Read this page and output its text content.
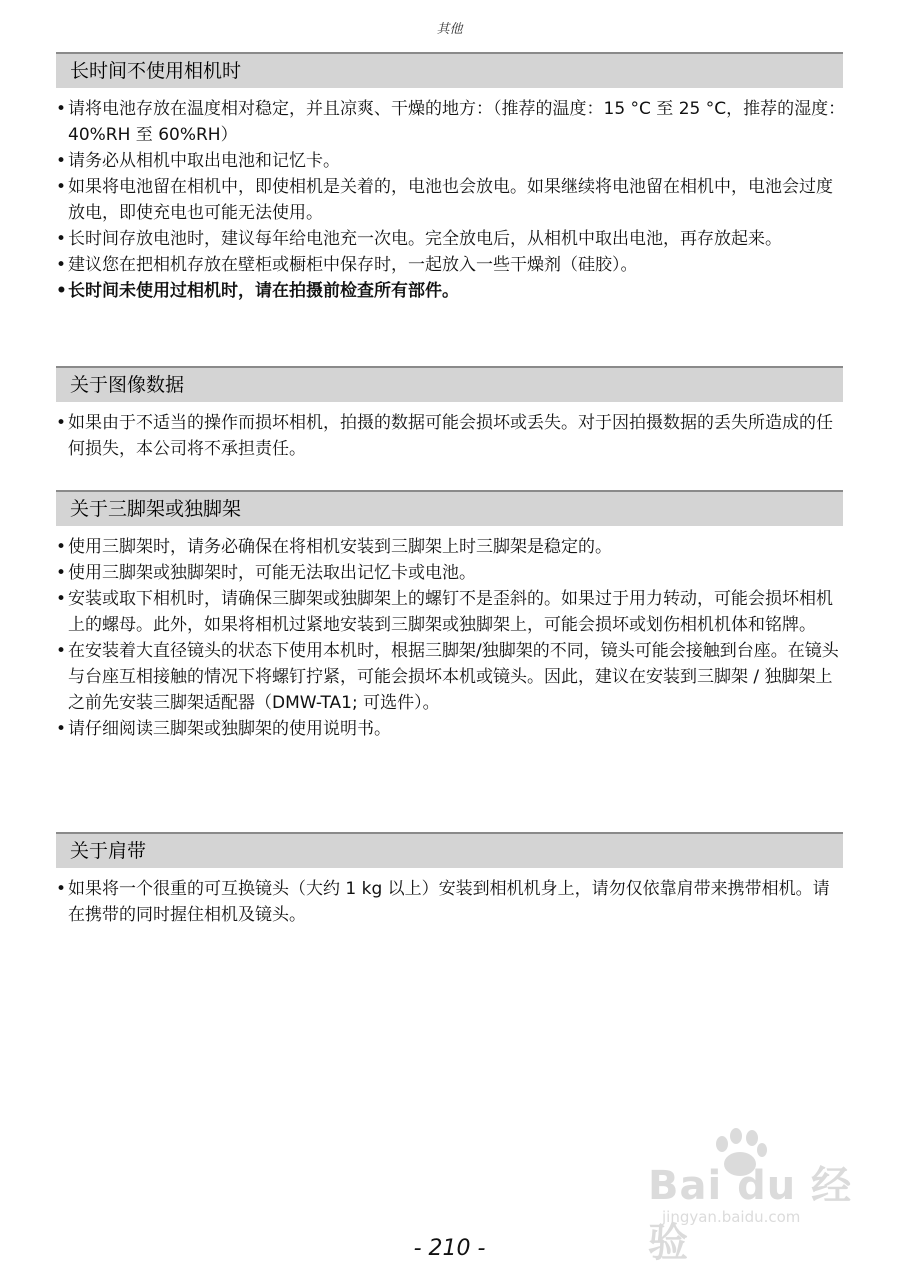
其他
长时间不使用相机时
• 请将电池存放在温度相对稳定，并且凉爽、干燥的地方：（推荐的温度：15 °C 至 25 °C，推荐的湿度： 40%RH 至 60%RH）
• 请务必从相机中取出电池和记忆卡。
• 如果将电池留在相机中，即使相机是关着的，电池也会放电。如果继续将电池留在相机中，电池会过度放电，即使充电也可能无法使用。
• 长时间存放电池时，建议每年给电池充一次电。完全放电后，从相机中取出电池，再存放起来。
• 建议您在把相机存放在壁柜或橱柜中保存时，一起放入一些干燥剂（硅胶）。
• 长时间未使用过相机时，请在拍摄前检查所有部件。
关于图像数据
• 如果由于不适当的操作而损坏相机，拍摄的数据可能会损坏或丢失。对于因拍摄数据的丢失所造成的任何损失，本公司将不承担责任。
关于三脚架或独脚架
• 使用三脚架时，请务必确保在将相机安装到三脚架上时三脚架是稳定的。
• 使用三脚架或独脚架时，可能无法取出记忆卡或电池。
• 安装或取下相机时，请确保三脚架或独脚架上的螺钉不是歪斜的。如果过于用力转动，可能会损坏相机上的螺母。此外，如果将相机过紧地安装到三脚架或独脚架上，可能会损坏或划伤相机机体和铭牌。
• 在安装着大直径镜头的状态下使用本机时，根据三脚架/独脚架的不同，镜头可能会接触到台座。在镜头与台座互相接触的情况下将螺钉拧紧，可能会损坏本机或镜头。因此，建议在安装到三脚架 / 独脚架上之前先安装三脚架适配器（DMW-TA1; 可选件）。
• 请仔细阅读三脚架或独脚架的使用说明书。
关于肩带
• 如果将一个很重的可互换镜头（大约 1 kg 以上）安装到相机机身上，请勿仅依靠肩带来携带相机。请在携带的同时握住相机及镜头。
Bai du 经验
jingyan.baidu.com
- 210 -
